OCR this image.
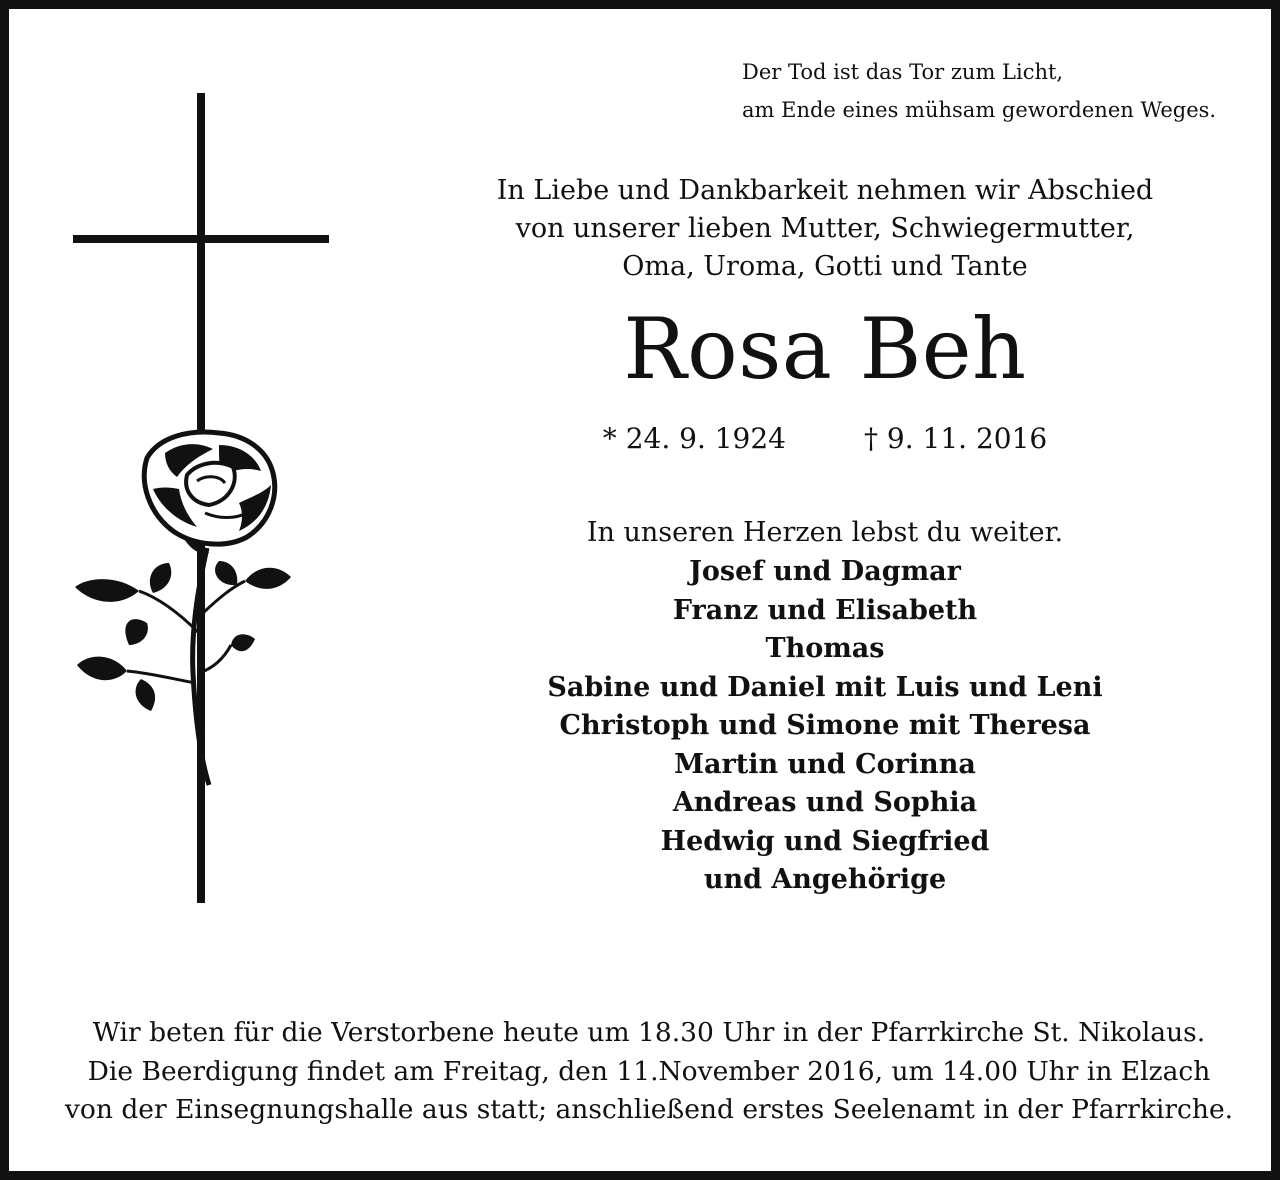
Der Tod ist das Tor zum Licht,
am Ende eines mühsam gewordenen Weges.
In Liebe und Dankbarkeit nehmen wir Abschied
von unserer lieben Mutter, Schwiegermutter,
Oma, Uroma, Gotti und Tante
Rosa Beh
* 24. 9. 1924	† 9. 11. 2016
In unseren Herzen lebst du weiter.
Josef und Dagmar
Franz und Elisabeth
Thomas
Sabine und Daniel mit Luis und Leni
Christoph und Simone mit Theresa
Martin und Corinna
Andreas und Sophia
Hedwig und Siegfried
und Angehörige
Wir beten für die Verstorbene heute um 18.30 Uhr in der Pfarrkirche St. Nikolaus.
Die Beerdigung findet am Freitag, den 11.November 2016, um 14.00 Uhr in Elzach
von der Einsegnungshalle aus statt; anschließend erstes Seelenamt in der Pfarrkirche.
